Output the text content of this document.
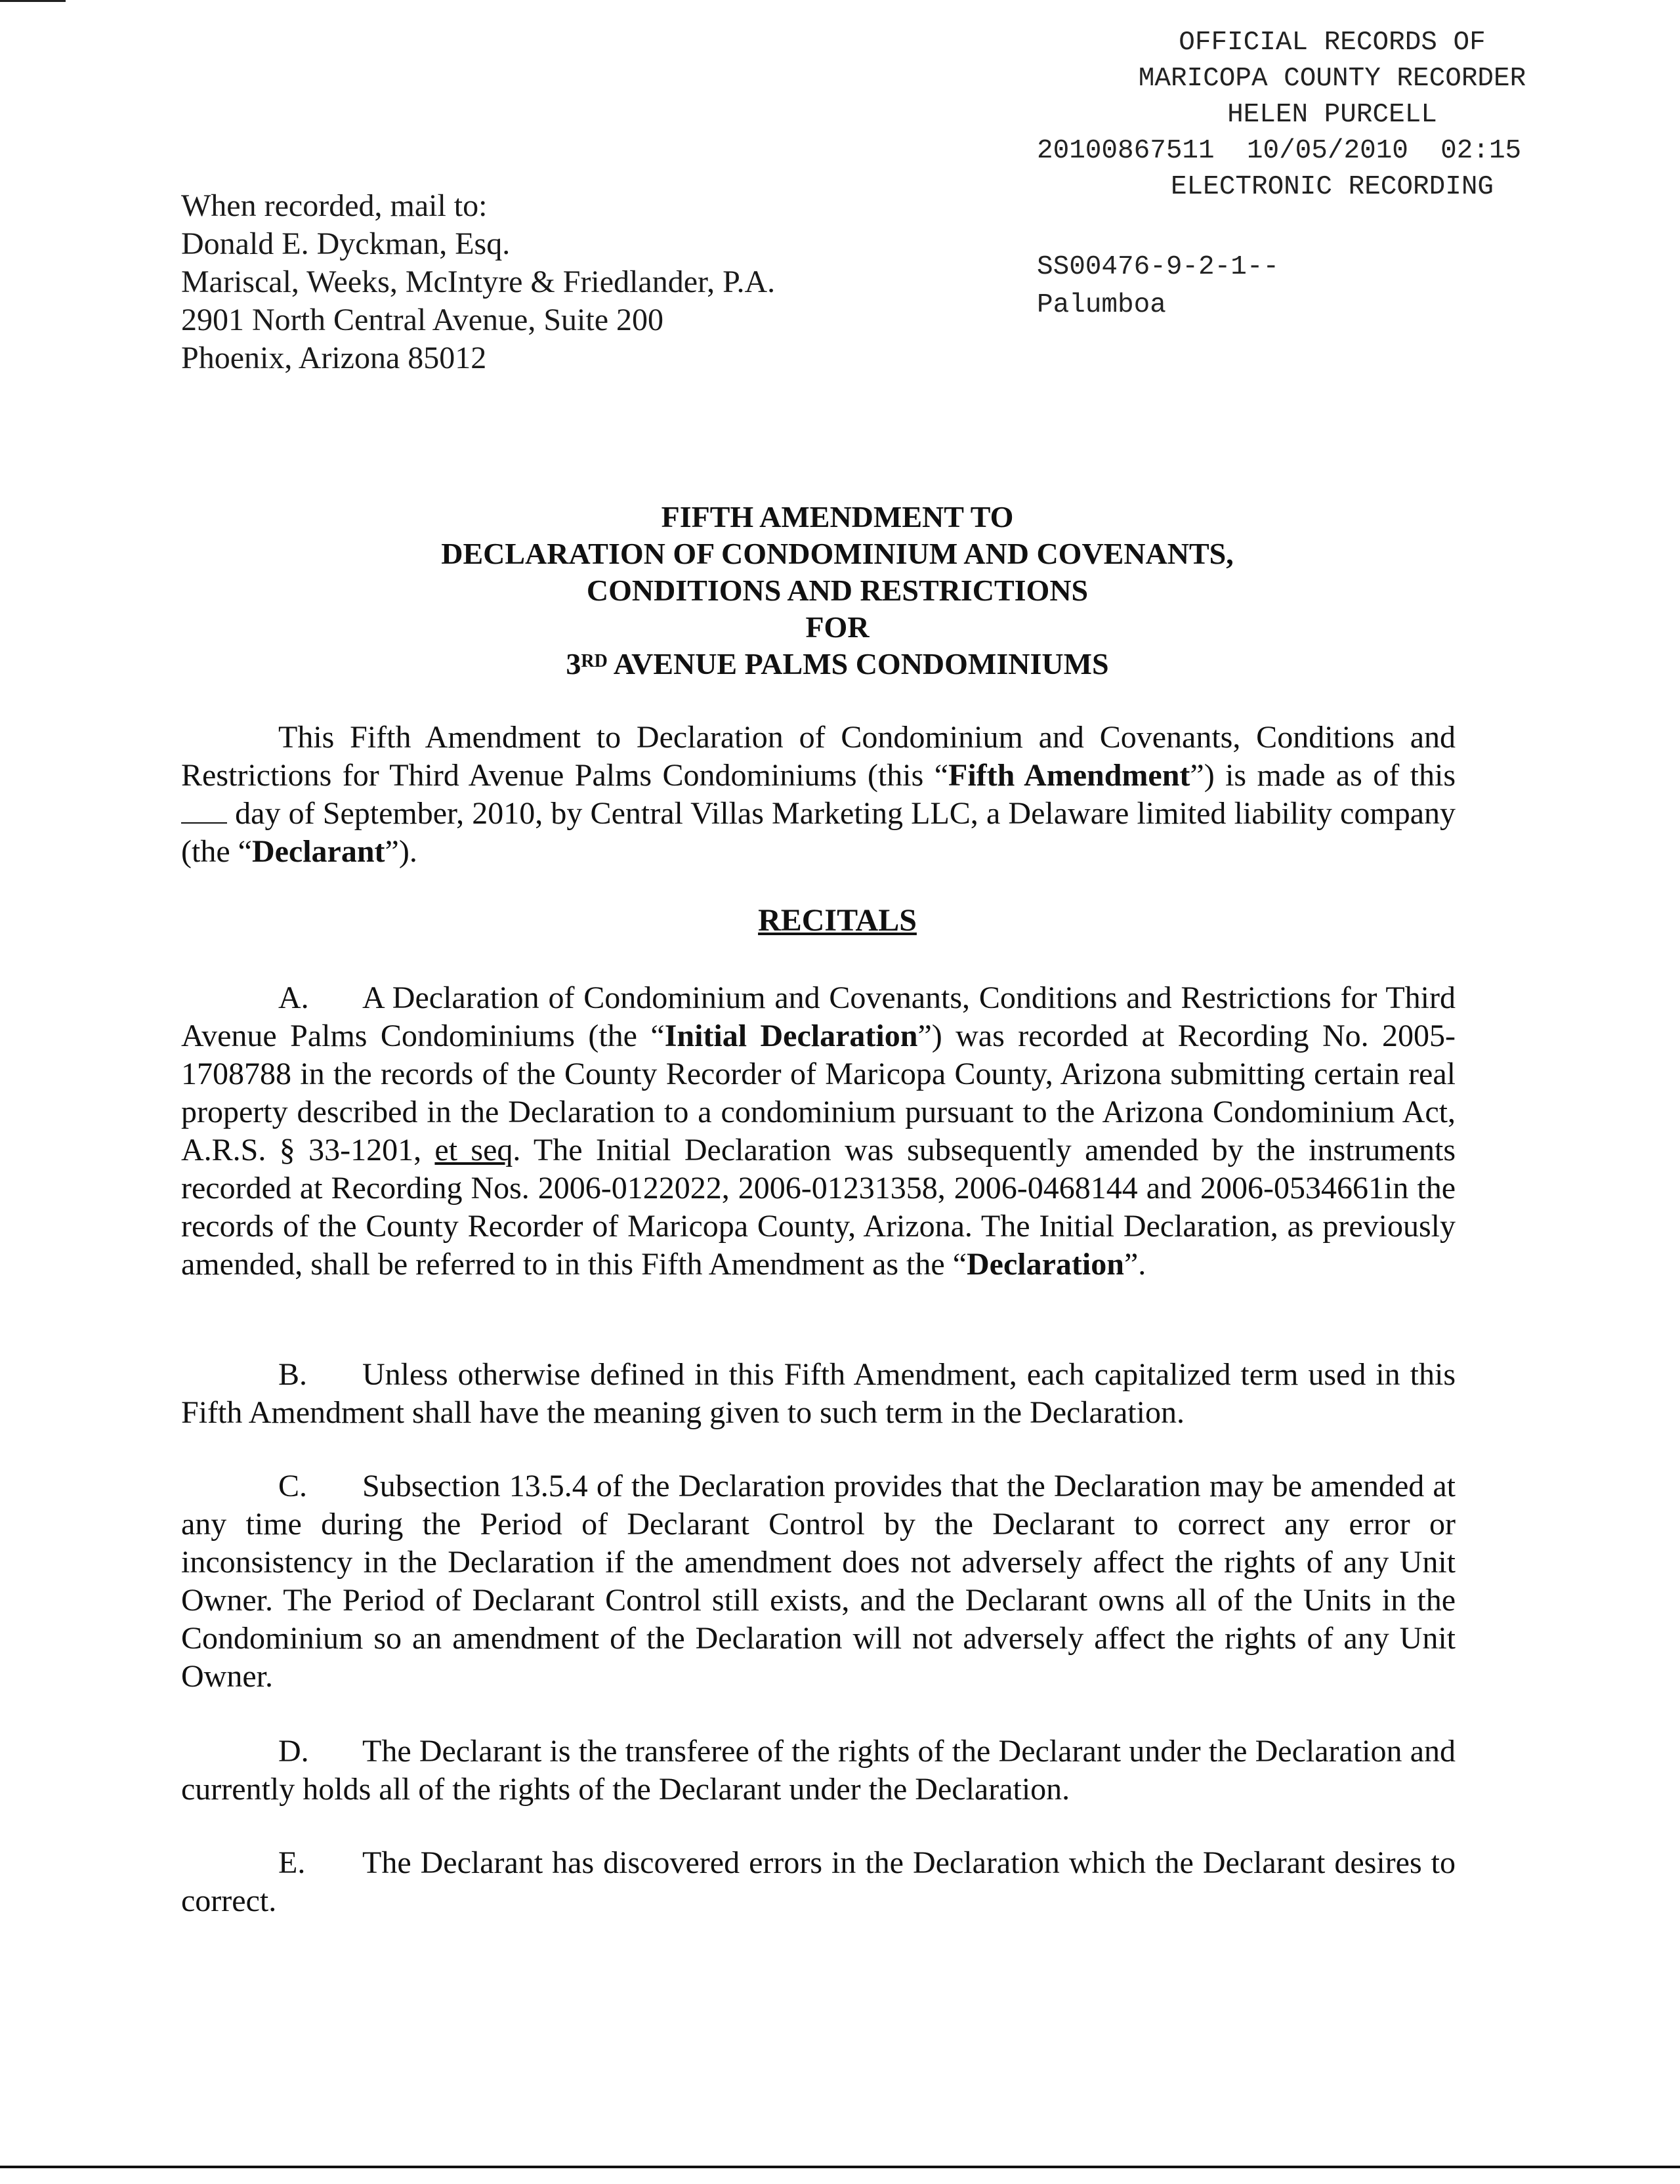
OFFICIAL RECORDS OF
MARICOPA COUNTY RECORDER
HELEN PURCELL
20100867511 10/05/2010 02:15
ELECTRONIC RECORDING
SS00476-9-2-1--
Palumboa
When recorded, mail to:
Donald E. Dyckman, Esq.
Mariscal, Weeks, McIntyre & Friedlander, P.A.
2901 North Central Avenue, Suite 200
Phoenix, Arizona 85012
FIFTH AMENDMENT TO
DECLARATION OF CONDOMINIUM AND COVENANTS,
CONDITIONS AND RESTRICTIONS
FOR
3RD AVENUE PALMS CONDOMINIUMS

This Fifth Amendment to Declaration of Condominium and Covenants, Conditions and Restrictions for Third Avenue Palms Condominiums (this “Fifth Amendment”) is made as of this  day of September, 2010, by Central Villas Marketing LLC, a Delaware limited liability company (the “Declarant”).

RECITALS

A. A Declaration of Condominium and Covenants, Conditions and Restrictions for Third Avenue Palms Condominiums (the “Initial Declaration”) was recorded at Recording No. 2005-1708788 in the records of the County Recorder of Maricopa County, Arizona submitting certain real property described in the Declaration to a condominium pursuant to the Arizona Condominium Act, A.R.S. § 33-1201, et seq. The Initial Declaration was subsequently amended by the instruments recorded at Recording Nos. 2006-0122022, 2006-01231358, 2006-0468144 and 2006-0534661in the records of the County Recorder of Maricopa County, Arizona. The Initial Declaration, as previously amended, shall be referred to in this Fifth Amendment as the “Declaration”.

B. Unless otherwise defined in this Fifth Amendment, each capitalized term used in this Fifth Amendment shall have the meaning given to such term in the Declaration.

C. Subsection 13.5.4 of the Declaration provides that the Declaration may be amended at any time during the Period of Declarant Control by the Declarant to correct any error or inconsistency in the Declaration if the amendment does not adversely affect the rights of any Unit Owner. The Period of Declarant Control still exists, and the Declarant owns all of the Units in the Condominium so an amendment of the Declaration will not adversely affect the rights of any Unit Owner.

D. The Declarant is the transferee of the rights of the Declarant under the Declaration and currently holds all of the rights of the Declarant under the Declaration.

E. The Declarant has discovered errors in the Declaration which the Declarant desires to correct.
